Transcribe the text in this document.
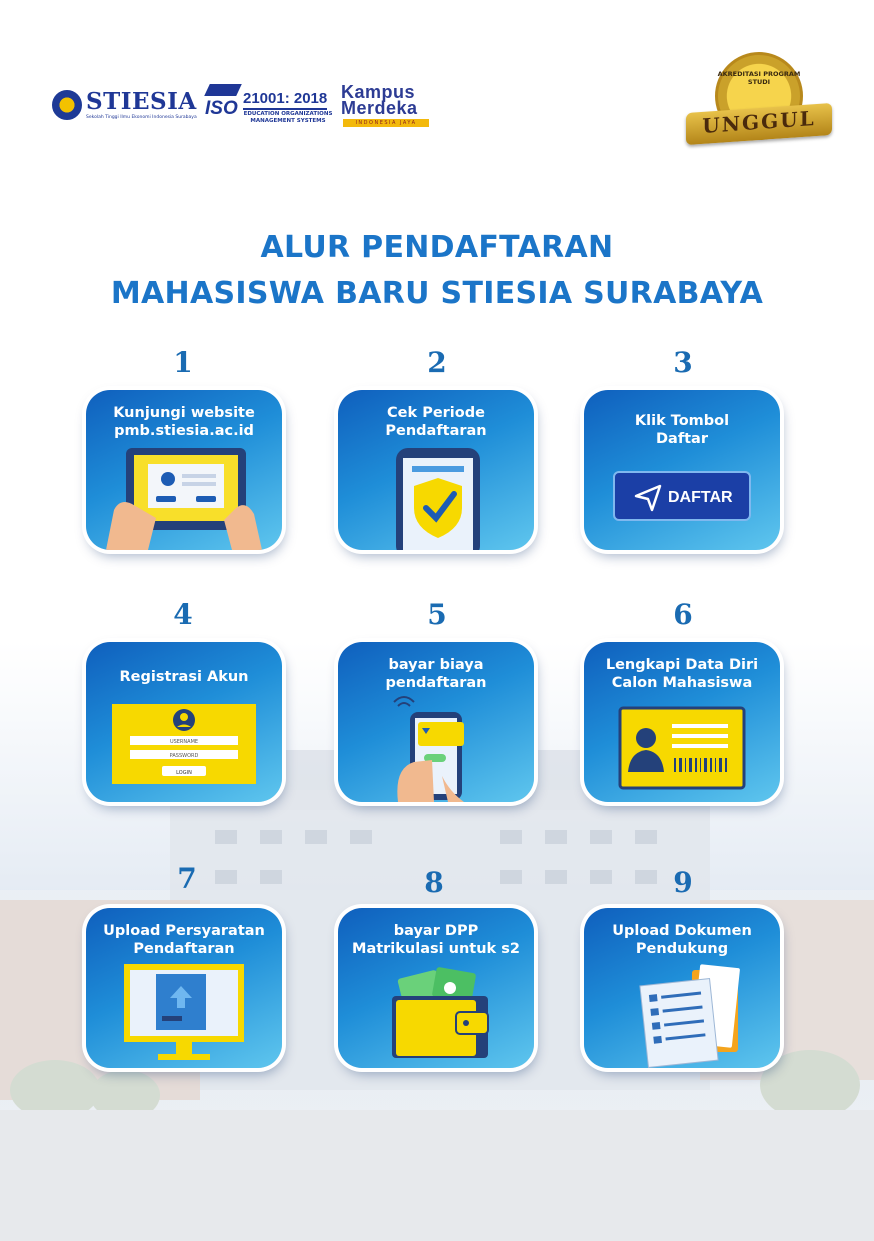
STIESIA
Sekolah Tinggi Ilmu Ekonomi Indonesia Surabaya ISO 21001: 2018
EDUCATION ORGANIZATIONS MANAGEMENT SYSTEMS
Kampus
Merdeka
INDONESIA JAYA
AKREDITASI PROGRAM STUDI
UNGGUL
ALUR PENDAFTARAN
MAHASISWA BARU STIESIA SURABAYA
1	2	3
Kunjungi website pmb.stiesia.ac.id
Cek Periode Pendaftaran
DAFTAR
Klik Tombol Daftar
4	5	6
USERNAME
PASSWORD
LOGIN
Registrasi Akun
bayar biaya pendaftaran
Lengkapi Data Diri Calon Mahasiswa
7	8	9
Upload Persyaratan Pendaftaran
bayar DPP Matrikulasi untuk s2
Upload Dokumen Pendukung
